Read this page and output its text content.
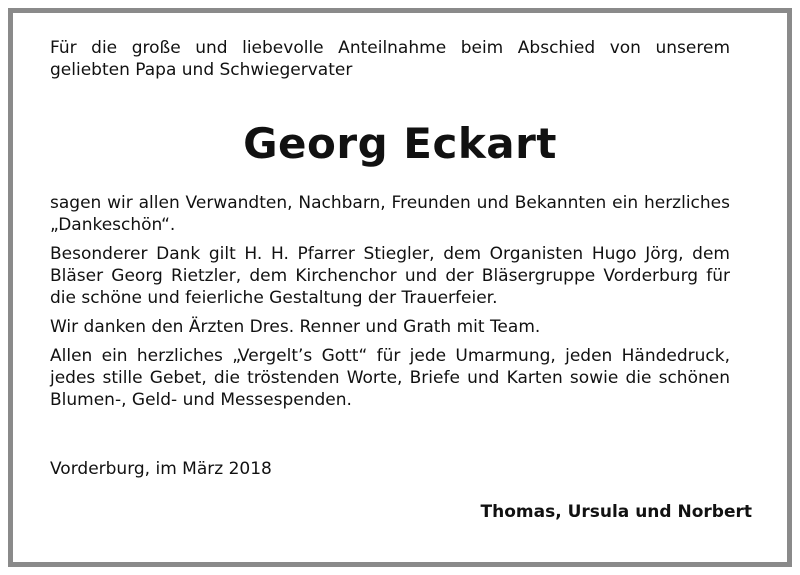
Für die große und liebevolle Anteilnahme beim Abschied von unserem geliebten Papa und Schwiegervater
Georg Eckart

sagen wir allen Verwandten, Nachbarn, Freunden und Bekannten ein herzliches „Dankeschön“.

Besonderer Dank gilt H. H. Pfarrer Stiegler, dem Organisten Hugo Jörg, dem Bläser Georg Rietzler, dem Kirchenchor und der Bläsergruppe Vorderburg für die schöne und feierliche Gestaltung der Trauerfeier.

Wir danken den Ärzten Dres. Renner und Grath mit Team.

Allen ein herzliches „Vergelt’s Gott“ für jede Umarmung, jeden Händedruck, jedes stille Gebet, die tröstenden Worte, Briefe und Karten sowie die schönen Blumen-, Geld- und Messespenden.

Vorderburg, im März 2018
Thomas, Ursula und Norbert
